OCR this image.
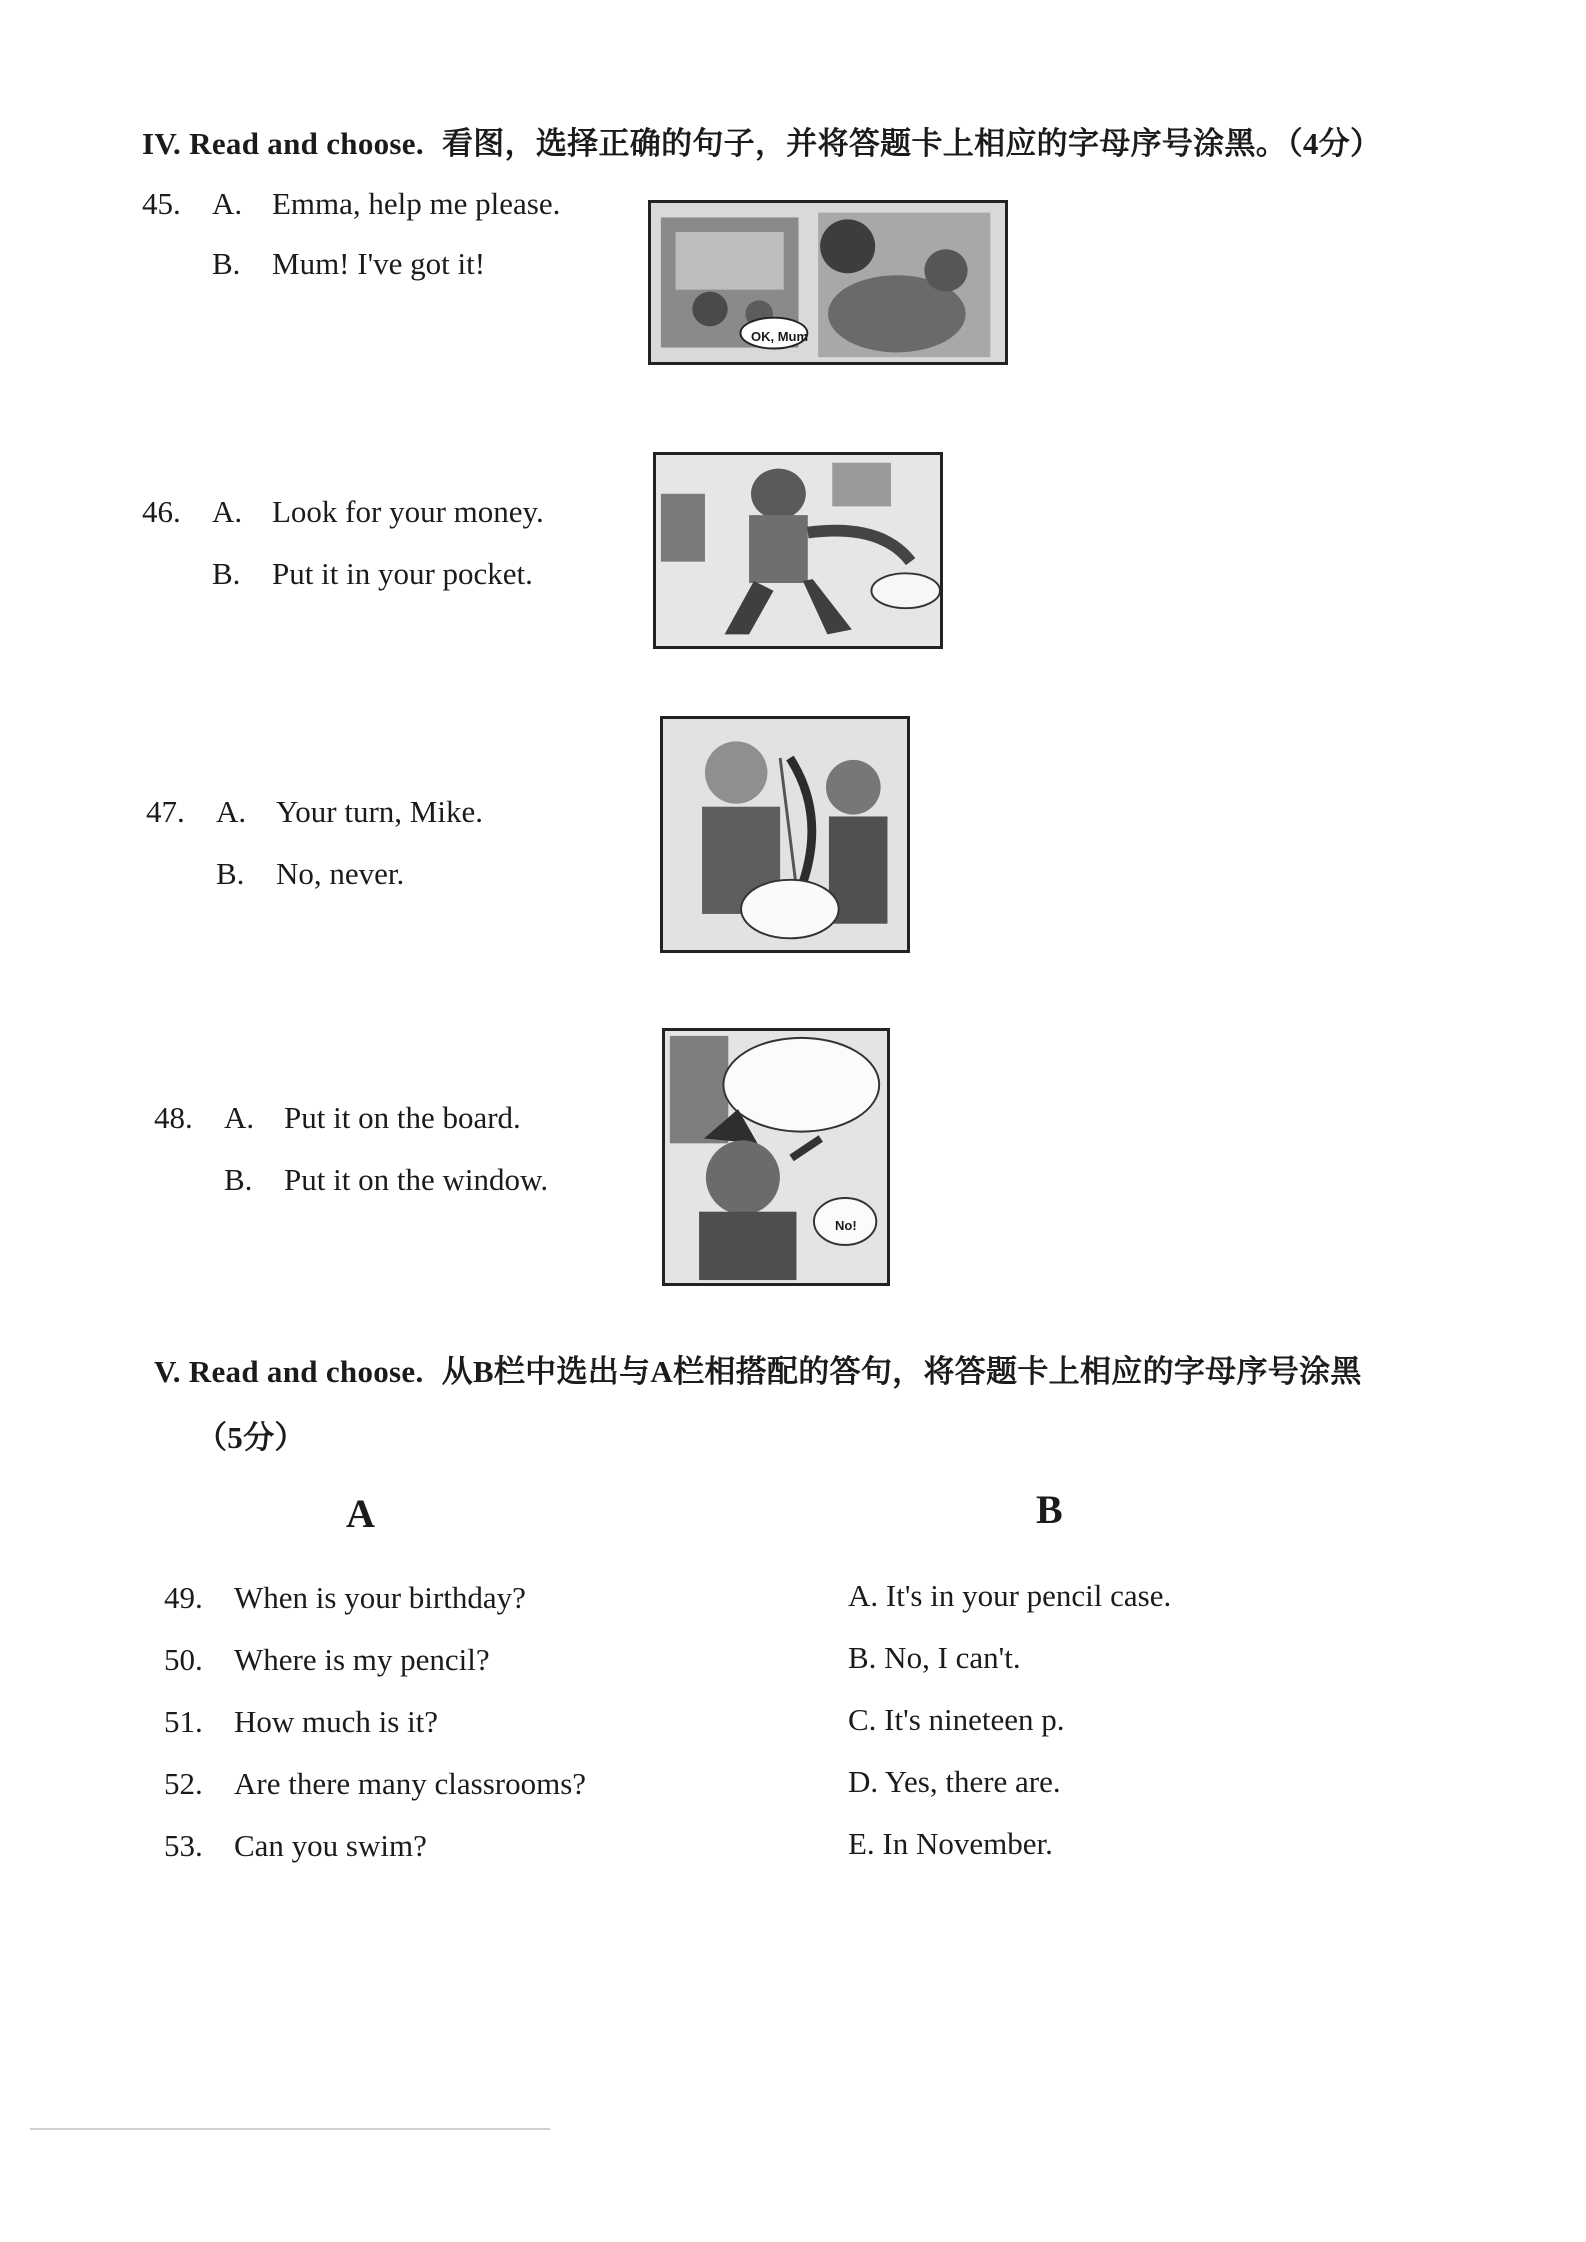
IV. Read and choose. 看图，选择正确的句子，并将答题卡上相应的字母序号涂黑。（4分）
45. A. Emma, help me please.
B. Mum! I've got it!
OK, Mum
46. A. Look for your money.
B. Put it in your pocket.
47. A. Your turn, Mike.
B. No, never.
48. A. Put it on the board.
B. Put it on the window.
No!
V. Read and choose. 从B栏中选出与A栏相搭配的答句，将答题卡上相应的字母序号涂黑
（5分）
A	B
49. When is your birthday?
50. Where is my pencil?
51. How much is it?
52. Are there many classrooms?
53. Can you swim?
A. It's in your pencil case.
B. No, I can't.
C. It's nineteen p.
D. Yes, there are.
E. In November.
